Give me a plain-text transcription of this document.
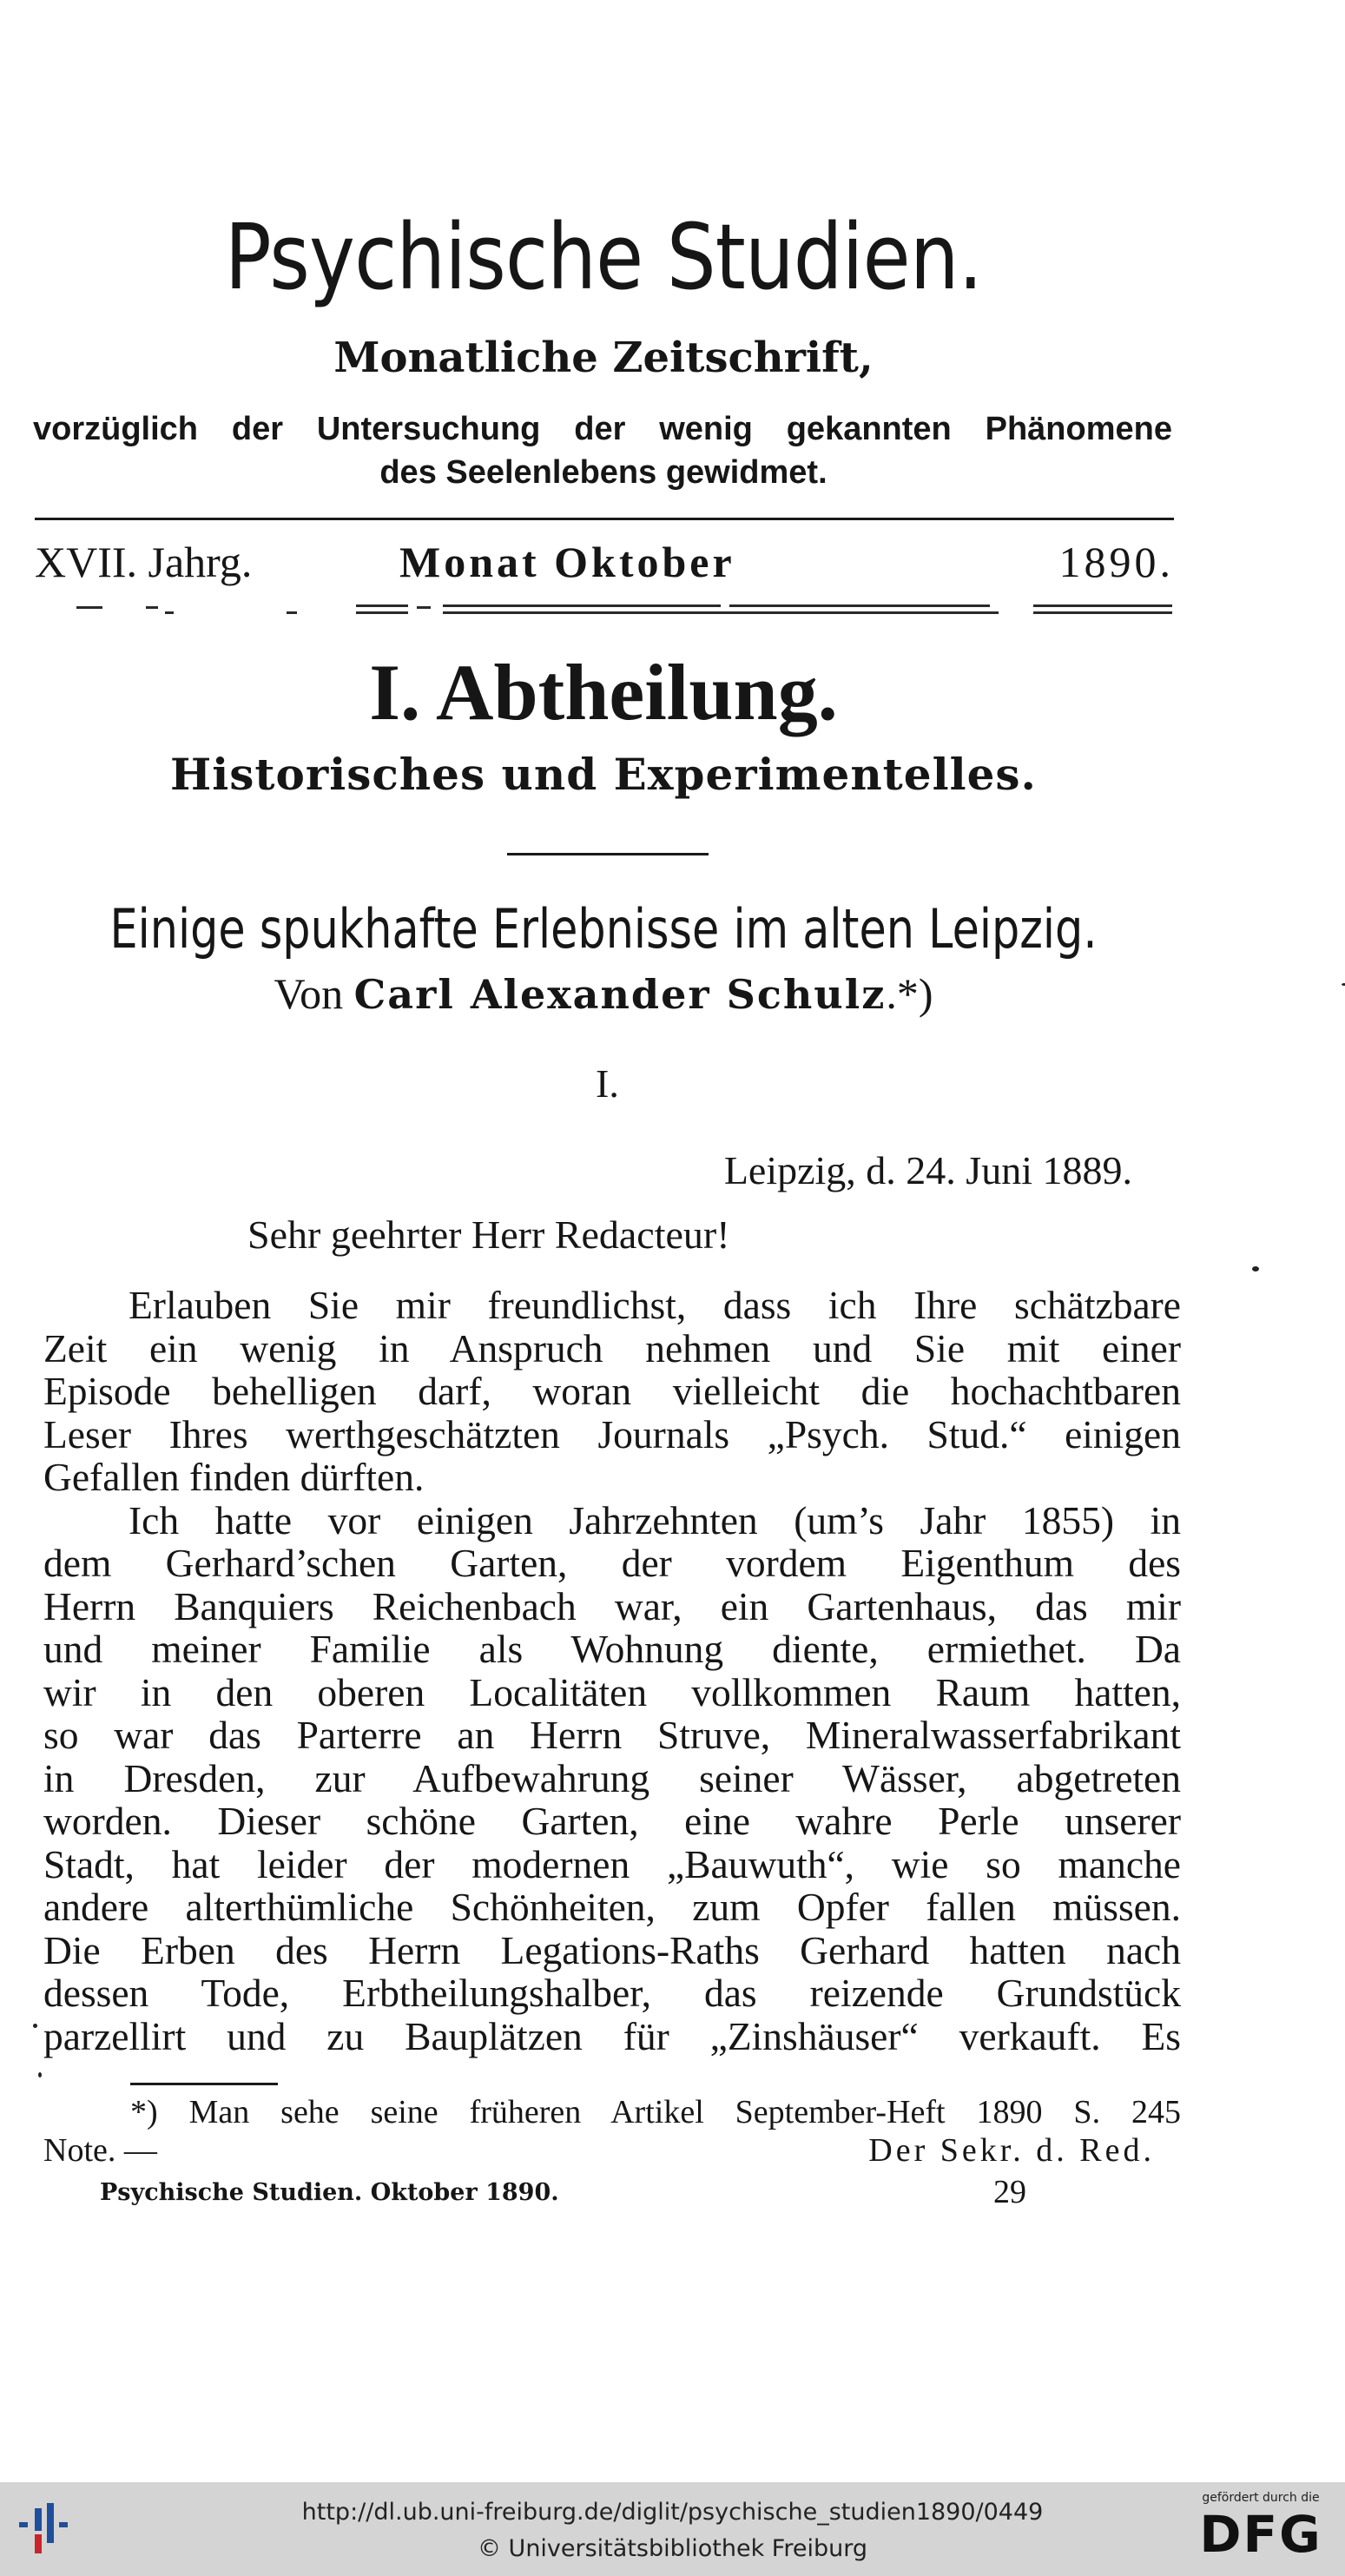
Psychische Studien.
Monatliche Zeitschrift,
vorzüglich der Untersuchung der wenig gekannten Phänomene
des Seelenlebens gewidmet.
XVII. Jahrg.	Monat Oktober	1890.
I. Abtheilung.
Historisches und Experimentelles.
Einige spukhafte Erlebnisse im alten Leipzig.
Von Carl Alexander Schulz.*)
I.
Leipzig, d. 24. Juni 1889.
Sehr geehrter Herr Redacteur!
Erlauben Sie mir freundlichst, dass ich Ihre schätzbare
Zeit ein wenig in Anspruch nehmen und Sie mit einer
Episode behelligen darf, woran vielleicht die hochachtbaren
Leser Ihres werthgeschätzten Journals „Psych. Stud.“ einigen
Gefallen finden dürften.
Ich hatte vor einigen Jahrzehnten (um’s Jahr 1855) in
dem Gerhard’schen Garten, der vordem Eigenthum des
Herrn Banquiers Reichenbach war, ein Gartenhaus, das mir
und meiner Familie als Wohnung diente, ermiethet. Da
wir in den oberen Localitäten vollkommen Raum hatten,
so war das Parterre an Herrn Struve, Mineralwasserfabrikant
in Dresden, zur Aufbewahrung seiner Wässer, abgetreten
worden. Dieser schöne Garten, eine wahre Perle unserer
Stadt, hat leider der modernen „Bauwuth“, wie so manche
andere alterthümliche Schönheiten, zum Opfer fallen müssen.
Die Erben des Herrn Legations-Raths Gerhard hatten nach
dessen Tode, Erbtheilungshalber, das reizende Grundstück
parzellirt und zu Bauplätzen für „Zinshäuser“ verkauft. Es
*) Man sehe seine früheren Artikel September-Heft 1890 S. 245
Note. —	Der Sekr. d. Red.
Psychische Studien. Oktober 1890.	29
http://dl.ub.uni-freiburg.de/diglit/psychische_studien1890/0449
© Universitätsbibliothek Freiburg
gefördert durch die
DFG
